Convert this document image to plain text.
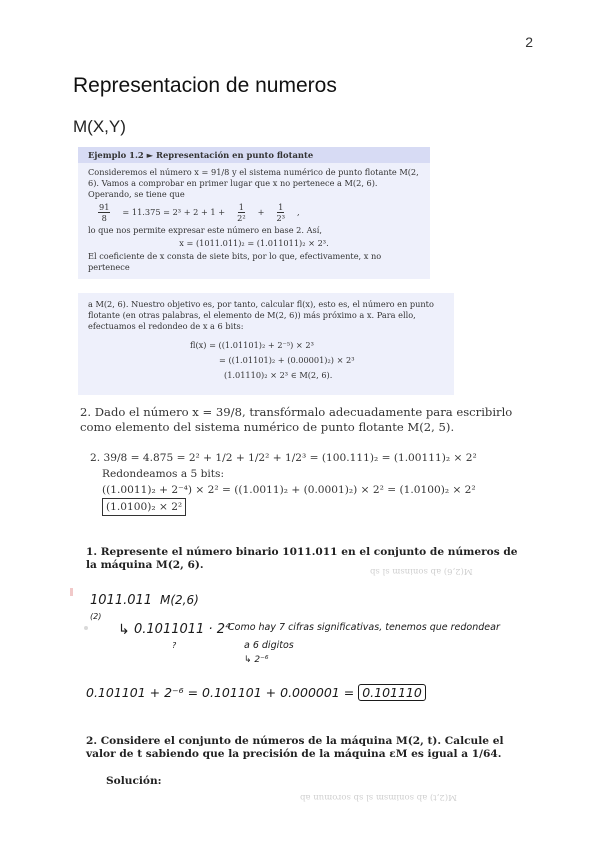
2
Representacion de numeros
M(X,Y)
Ejemplo 1.2 ► Representación en punto flotante

Consideremos el número x = 91/8 y el sistema numérico de punto flotante M(2, 6). Vamos a comprobar en primer lugar que x no pertenece a M(2, 6). Operando, se tiene que

$\frac{91}{8} = 11.375 = 2^3 + 2 + 1 + \frac{1}{\text{2²}} + \frac{1}{\text{2³}}$ ,

lo que nos permite expresar este número en base 2. Así,

x = (1011.011)₂ = (1.011011)₂ × 2³.

El coeficiente de x consta de siete bits, por lo que, efectivamente, x no pertenece

a M(2, 6). Nuestro objetivo es, por tanto, calcular fl(x), esto es, el número en punto flotante (en otras palabras, el elemento de M(2, 6)) más próximo a x. Para ello, efectuamos el redondeo de x a 6 bits:

fl(x) = ((1.01101)₂ + 2⁻⁵) × 2³
= ((1.01101)₂ + (0.00001)₂) × 2³
(1.01110)₂ × 2³ ∈ M(2, 6).
2. Dado el número x = 39/8, transfórmalo adecuadamente para escribirlo como elemento del sistema numérico de punto flotante M(2, 5).
2. 39/8 = 4.875 = 2² + 1/2 + 1/2² + 1/2³ = (100.111)₂ = (1.00111)₂ × 2²
Redondeamos a 5 bits:
((1.0011)₂ + 2⁻⁴) × 2² = ((1.0011)₂ + (0.0001)₂) × 2² = (1.0100)₂ × 2²
(1.0100)₂ × 2²
1. Represente el número binario 1011.011 en el conjunto de números de la máquina M(2, 6).	M(2,6) ab soninsm sl sb
1011.011
(2)
M(2,6)
↳ 0.1011011 · 2⁴
?
Como hay 7 cifras significativas, tenemos que redondear
a 6 digitos
↳ 2⁻⁶
0.101101 + 2⁻⁶ = 0.101101 + 0.000001 = 0.101110
2. Considere el conjunto de números de la máquina M(2, t). Calcule el valor de t sabiendo que la precisión de la máquina εM es igual a 1/64.
Solución:
M(2,t) ab sonimsm sl sb soromun ab
